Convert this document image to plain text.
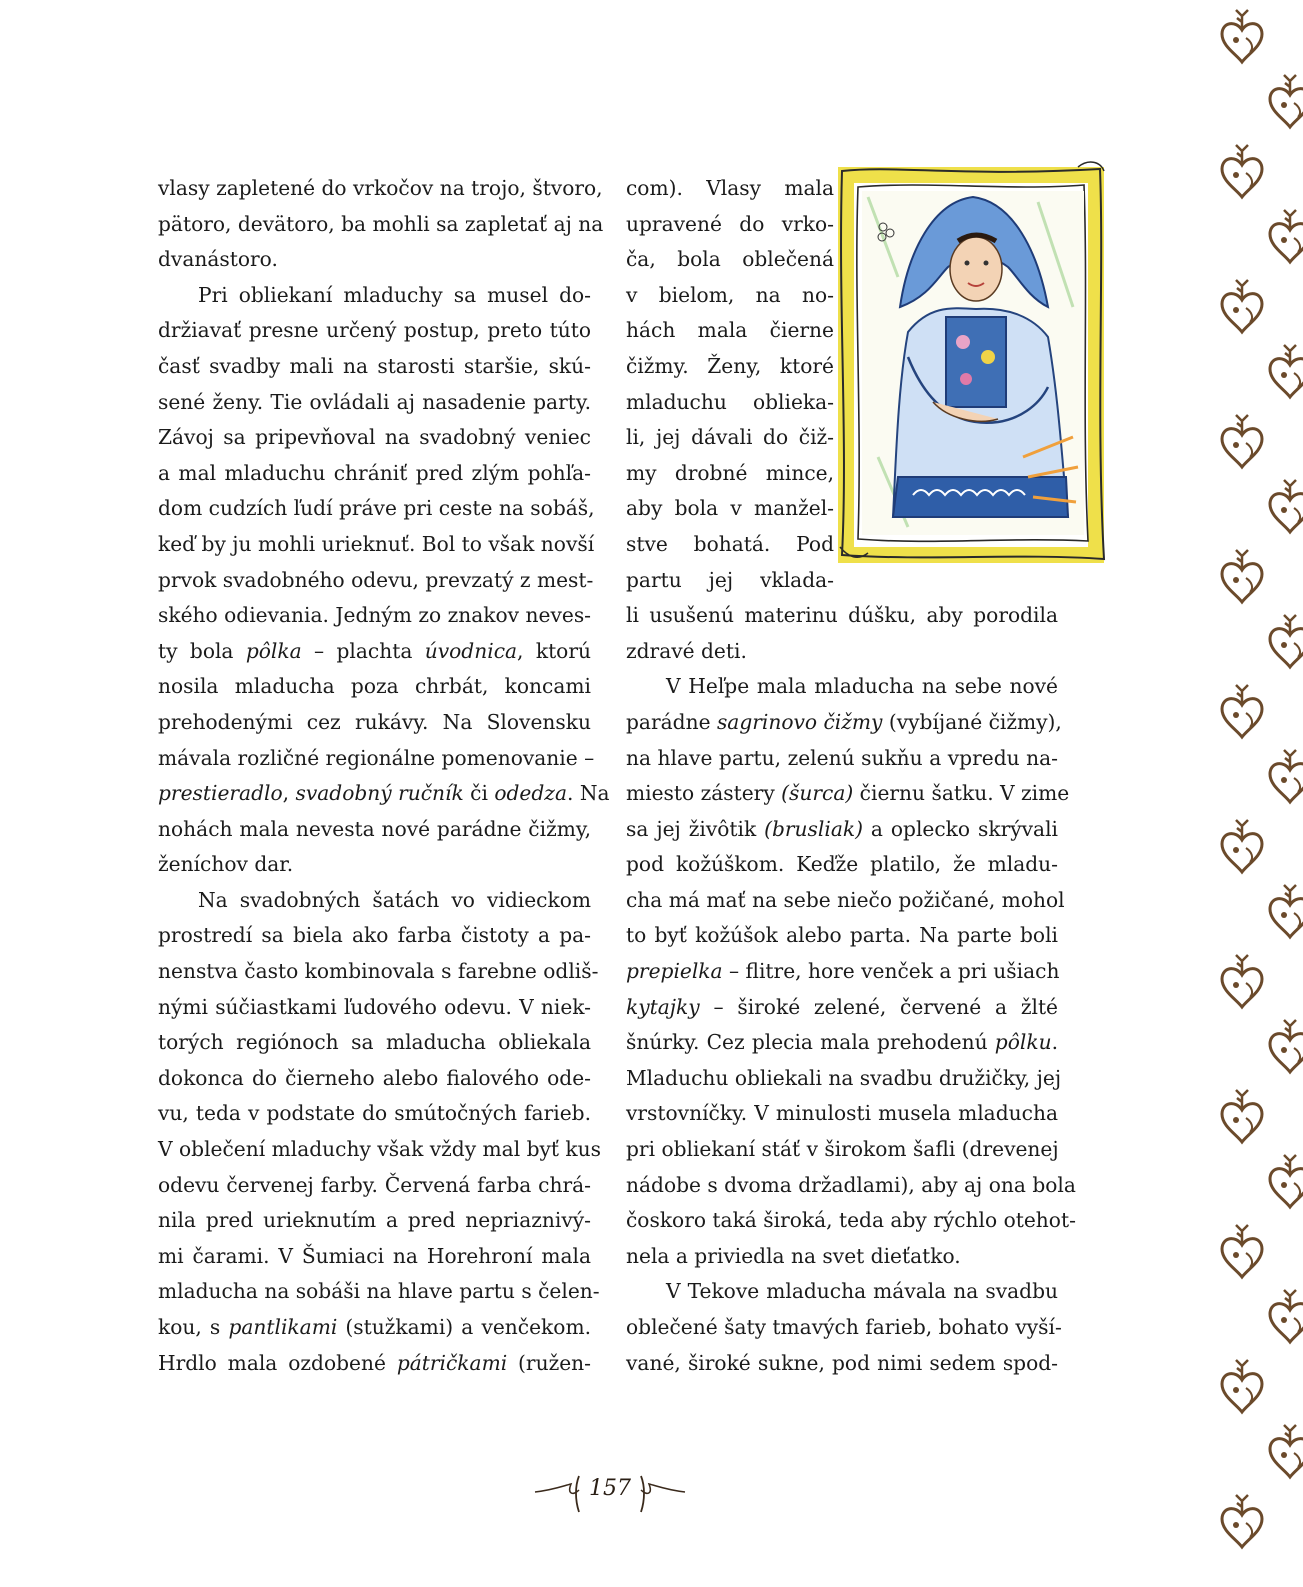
vlasy zapletené do vrkočov na trojo, štvoro,
pätoro, devätoro, ba mohli sa zapletať aj na
dvanástoro.
Pri obliekaní mladuchy sa musel do-
držiavať presne určený postup, preto túto
časť svadby mali na starosti staršie, skú-
sené ženy. Tie ovládali aj nasadenie party.
Závoj sa pripevňoval na svadobný veniec
a mal mladuchu chrániť pred zlým pohľa-
dom cudzích ľudí práve pri ceste na sobáš,
keď by ju mohli urieknuť. Bol to však novší
prvok svadobného odevu, prevzatý z mest-
ského odievania. Jedným zo znakov neves-
ty bola pôlka – plachta úvodnica, ktorú
nosila mladucha poza chrbát, koncami
prehodenými cez rukávy. Na Slovensku
mávala rozličné regionálne pomenovanie –
prestieradlo, svadobný ručník či odedza. Na
nohách mala nevesta nové parádne čižmy,
ženíchov dar.
Na svadobných šatách vo vidieckom
prostredí sa biela ako farba čistoty a pa-
nenstva často kombinovala s farebne odliš-
nými súčiastkami ľudového odevu. V niek-
torých regiónoch sa mladucha obliekala
dokonca do čierneho alebo fialového ode-
vu, teda v podstate do smútočných farieb.
V oblečení mladuchy však vždy mal byť kus
odevu červenej farby. Červená farba chrá-
nila pred urieknutím a pred nepriaznivý-
mi čarami. V Šumiaci na Horehroní mala
mladucha na sobáši na hlave partu s čelen-
kou, s pantlikami (stužkami) a venčekom.
Hrdlo mala ozdobené pátričkami (ružen-
com). Vlasy mala
upravené do vrko-
ča, bola oblečená
v bielom, na no-
hách mala čierne
čižmy. Ženy, ktoré
mladuchu oblieka-
li, jej dávali do čiž-
my drobné mince,
aby bola v manžel-
stve bohatá. Pod
partu jej vklada-
li usušenú materinu dúšku, aby porodila
zdravé deti.
V Heľpe mala mladucha na sebe nové
parádne sagrinovo čižmy (vybíjané čižmy),
na hlave partu, zelenú sukňu a vpredu na-
miesto zástery (šurca) čiernu šatku. V zime
sa jej živôtik (brusliak) a oplecko skrývali
pod kožúškom. Keďže platilo, že mladu-
cha má mať na sebe niečo požičané, mohol
to byť kožúšok alebo parta. Na parte boli
prepielka – flitre, hore venček a pri ušiach
kytajky – široké zelené, červené a žlté
šnúrky. Cez plecia mala prehodenú pôlku.
Mladuchu obliekali na svadbu družičky, jej
vrstovníčky. V minulosti musela mladucha
pri obliekaní stáť v širokom šafli (drevenej
nádobe s dvoma držadlami), aby aj ona bola
čoskoro taká široká, teda aby rýchlo otehot-
nela a priviedla na svet dieťatko.
V Tekove mladucha mávala na svadbu
oblečené šaty tmavých farieb, bohato vyší-
vané, široké sukne, pod nimi sedem spod-
157
